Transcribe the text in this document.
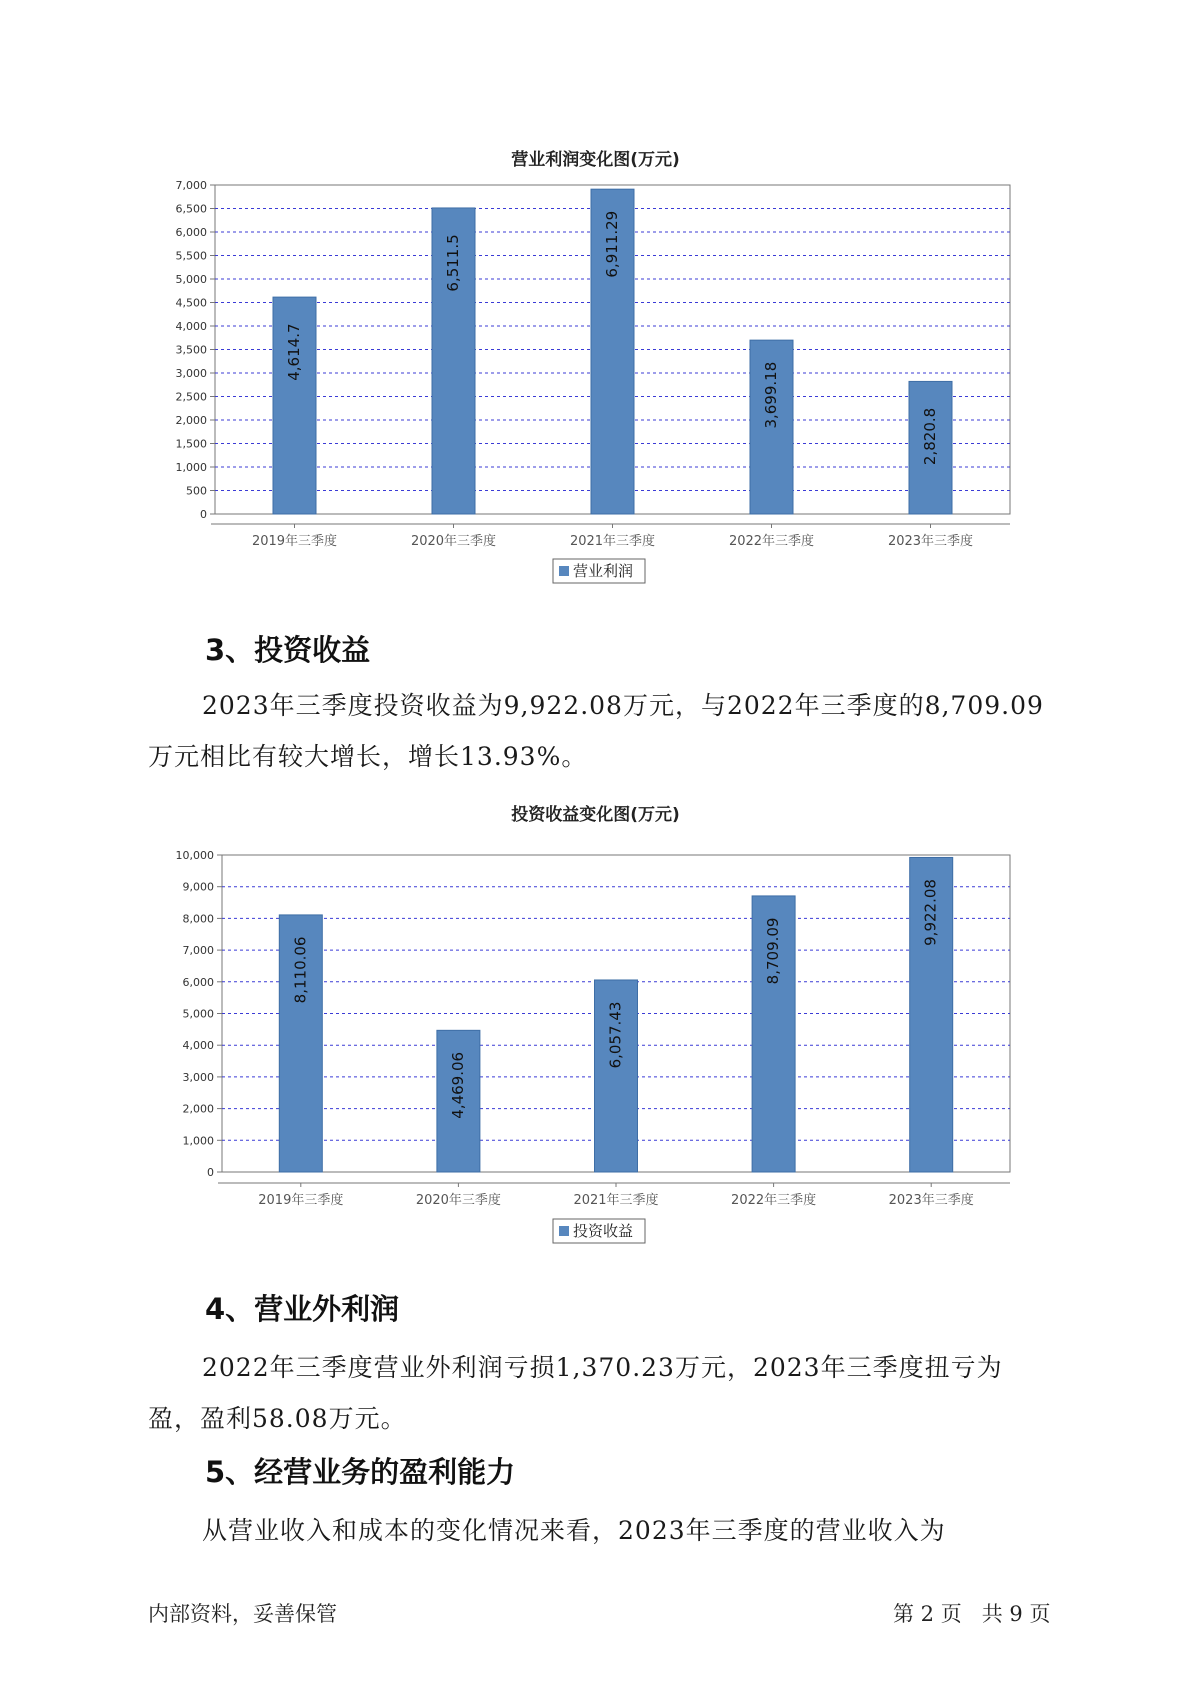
营业利润变化图(万元)
0
500
1,000
1,500
2,000
2,500
3,000
3,500
4,000
4,500
5,000
5,500
6,000
6,500
7,000
4,614.7
2019年三季度
6,511.5
2020年三季度
6,911.29
2021年三季度
3,699.18
2022年三季度
2,820.8
2023年三季度
营业利润
3、投资收益
2023年三季度投资收益为9,922.08万元，与2022年三季度的8,709.09万元相比有较大增长，增长13.93%。
投资收益变化图(万元)
0
1,000
2,000
3,000
4,000
5,000
6,000
7,000
8,000
9,000
10,000
8,110.06
2019年三季度
4,469.06
2020年三季度
6,057.43
2021年三季度
8,709.09
2022年三季度
9,922.08
2023年三季度
投资收益
4、营业外利润
2022年三季度营业外利润亏损1,370.23万元，2023年三季度扭亏为盈，盈利58.08万元。
5、经营业务的盈利能力
从营业收入和成本的变化情况来看，2023年三季度的营业收入为
内部资料，妥善保管	第 2 页   共 9 页
